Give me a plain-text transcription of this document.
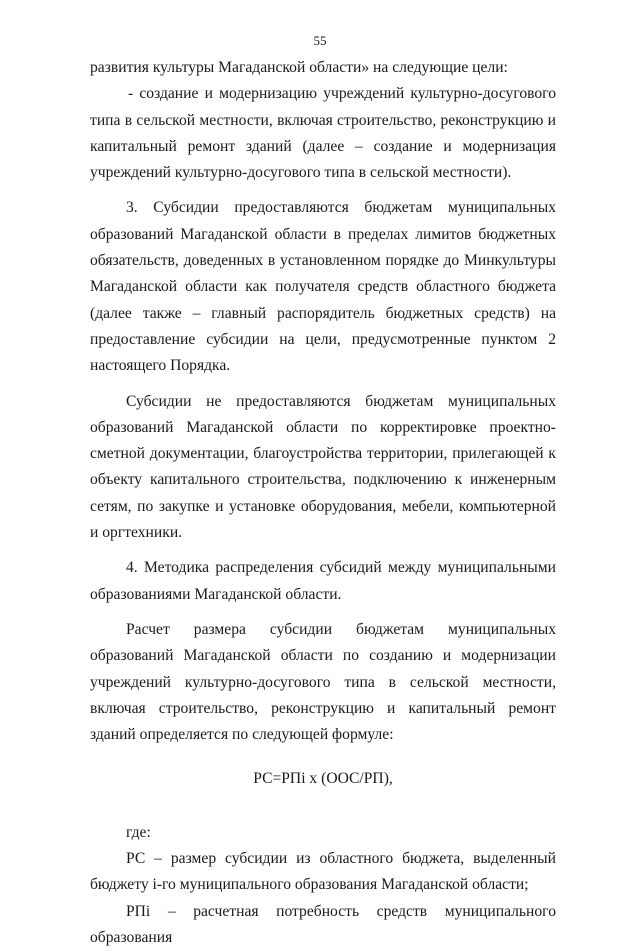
55

развития культуры Магаданской области» на следующие цели:

- создание и модернизацию учреждений культурно-досугового типа в сельской местности, включая строительство, реконструкцию и капитальный ремонт зданий (далее – создание и модернизация учреждений культурно-досугового типа в сельской местности).

3. Субсидии предоставляются бюджетам муниципальных образований Магаданской области в пределах лимитов бюджетных обязательств, доведенных в установленном порядке до Минкультуры Магаданской области как получателя средств областного бюджета (далее также – главный распорядитель бюджетных средств) на предоставление субсидии на цели, предусмотренные пунктом 2 настоящего Порядка.

Субсидии не предоставляются бюджетам муниципальных образований Магаданской области по корректировке проектно-сметной документации, благоустройства территории, прилегающей к объекту капитального строительства, подключению к инженерным сетям, по закупке и установке оборудования, мебели, компьютерной и оргтехники.

4. Методика распределения субсидий между муниципальными образованиями Магаданской области.

Расчет размера субсидии бюджетам муниципальных образований Магаданской области по созданию и модернизации учреждений культурно-досугового типа в сельской местности, включая строительство, реконструкцию и капитальный ремонт зданий определяется по следующей формуле:

РС=РПi х (ООС/РП),

где:

РС – размер субсидии из областного бюджета, выделенный бюджету i-го муниципального образования Магаданской области;

РПi – расчетная потребность средств муниципального образования
